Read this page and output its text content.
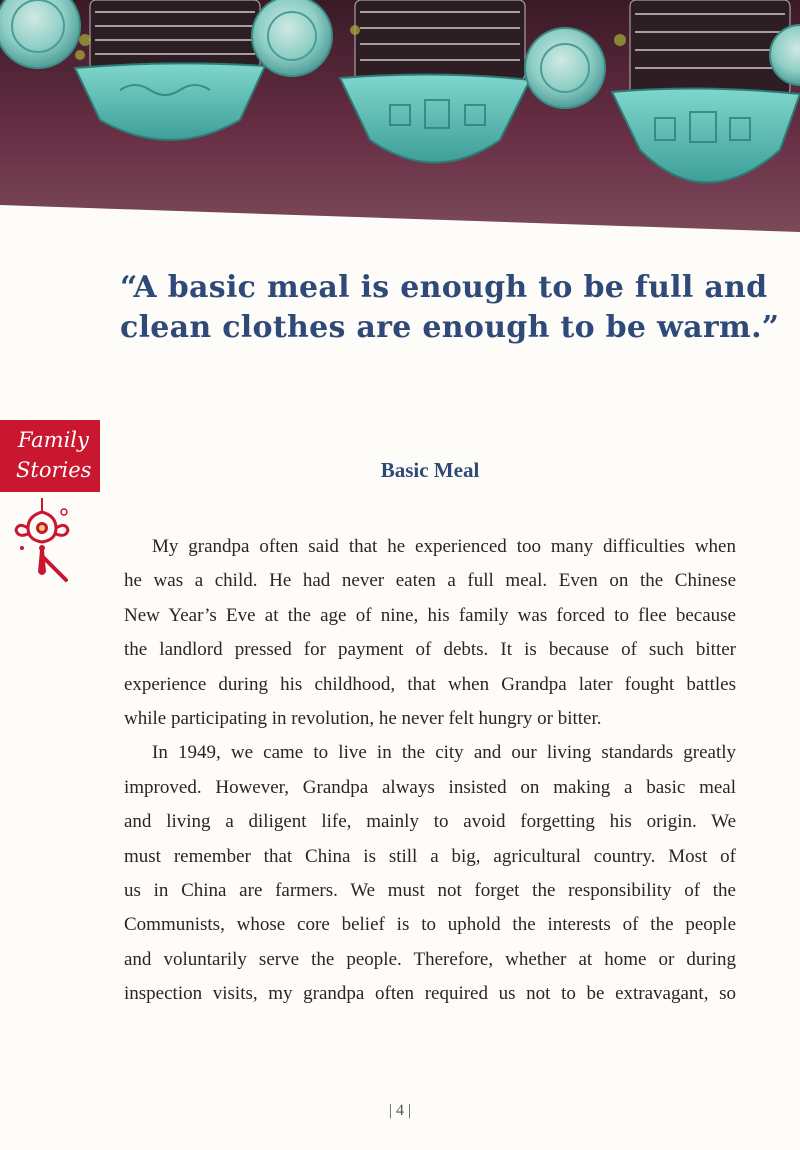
“A basic meal is enough to be full and
clean clothes are enough to be warm.”
Family
Stories	Basic Meal
My grandpa often said that he experienced too many difficulties when
he was a child. He had never eaten a full meal. Even on the Chinese
New Year’s Eve at the age of nine, his family was forced to flee because
the landlord pressed for payment of debts. It is because of such bitter
experience during his childhood, that when Grandpa later fought battles
while participating in revolution, he never felt hungry or bitter.
In 1949, we came to live in the city and our living standards greatly
improved. However, Grandpa always insisted on making a basic meal
and living a diligent life, mainly to avoid forgetting his origin. We
must remember that China is still a big, agricultural country. Most of
us in China are farmers. We must not forget the responsibility of the
Communists, whose core belief is to uphold the interests of the people
and voluntarily serve the people. Therefore, whether at home or during
inspection visits, my grandpa often required us not to be extravagant, so
| 4 |
